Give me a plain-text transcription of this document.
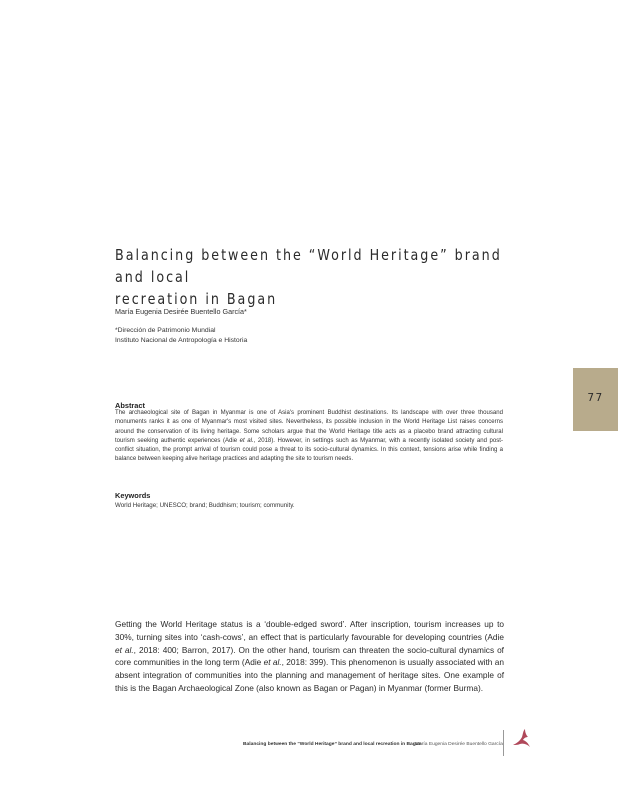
Balancing between the “World Heritage” brand and local
recreation in Bagan
María Eugenia Desirée Buentello García*
*Dirección de Patrimonio Mundial
Instituto Nacional de Antropología e Historia
Abstract
The archaeological site of Bagan in Myanmar is one of Asia's prominent Buddhist destinations. Its landscape with over three thousand monuments ranks it as one of Myanmar's most visited sites. Nevertheless, its possible inclusion in the World Heritage List raises concerns around the conservation of its living heritage. Some scholars argue that the World Heritage title acts as a placebo brand attracting cultural tourism seeking authentic experiences (Adie et al., 2018). However, in settings such as Myanmar, with a recently isolated society and post-conflict situation, the prompt arrival of tourism could pose a threat to its socio-cultural dynamics. In this context, tensions arise while finding a balance between keeping alive heritage practices and adapting the site to tourism needs.
Keywords
World Heritage; UNESCO; brand; Buddhism; tourism; community.
Getting the World Heritage status is a ‘double-edged sword’. After inscription, tourism increases up to 30%, turning sites into ‘cash-cows’, an effect that is particularly favourable for developing countries (Adie et al., 2018: 400; Barron, 2017). On the other hand, tourism can threaten the socio-cultural dynamics of core communities in the long term (Adie et al., 2018: 399). This phenomenon is usually associated with an absent integration of communities into the planning and management of heritage sites. One example of this is the Bagan Archaeological Zone (also known as Bagan or Pagan) in Myanmar (former Burma).
77
Balancing between the “World Heritage” brand and local recreation in Bagan
María Eugenia Desirée Buentello García
